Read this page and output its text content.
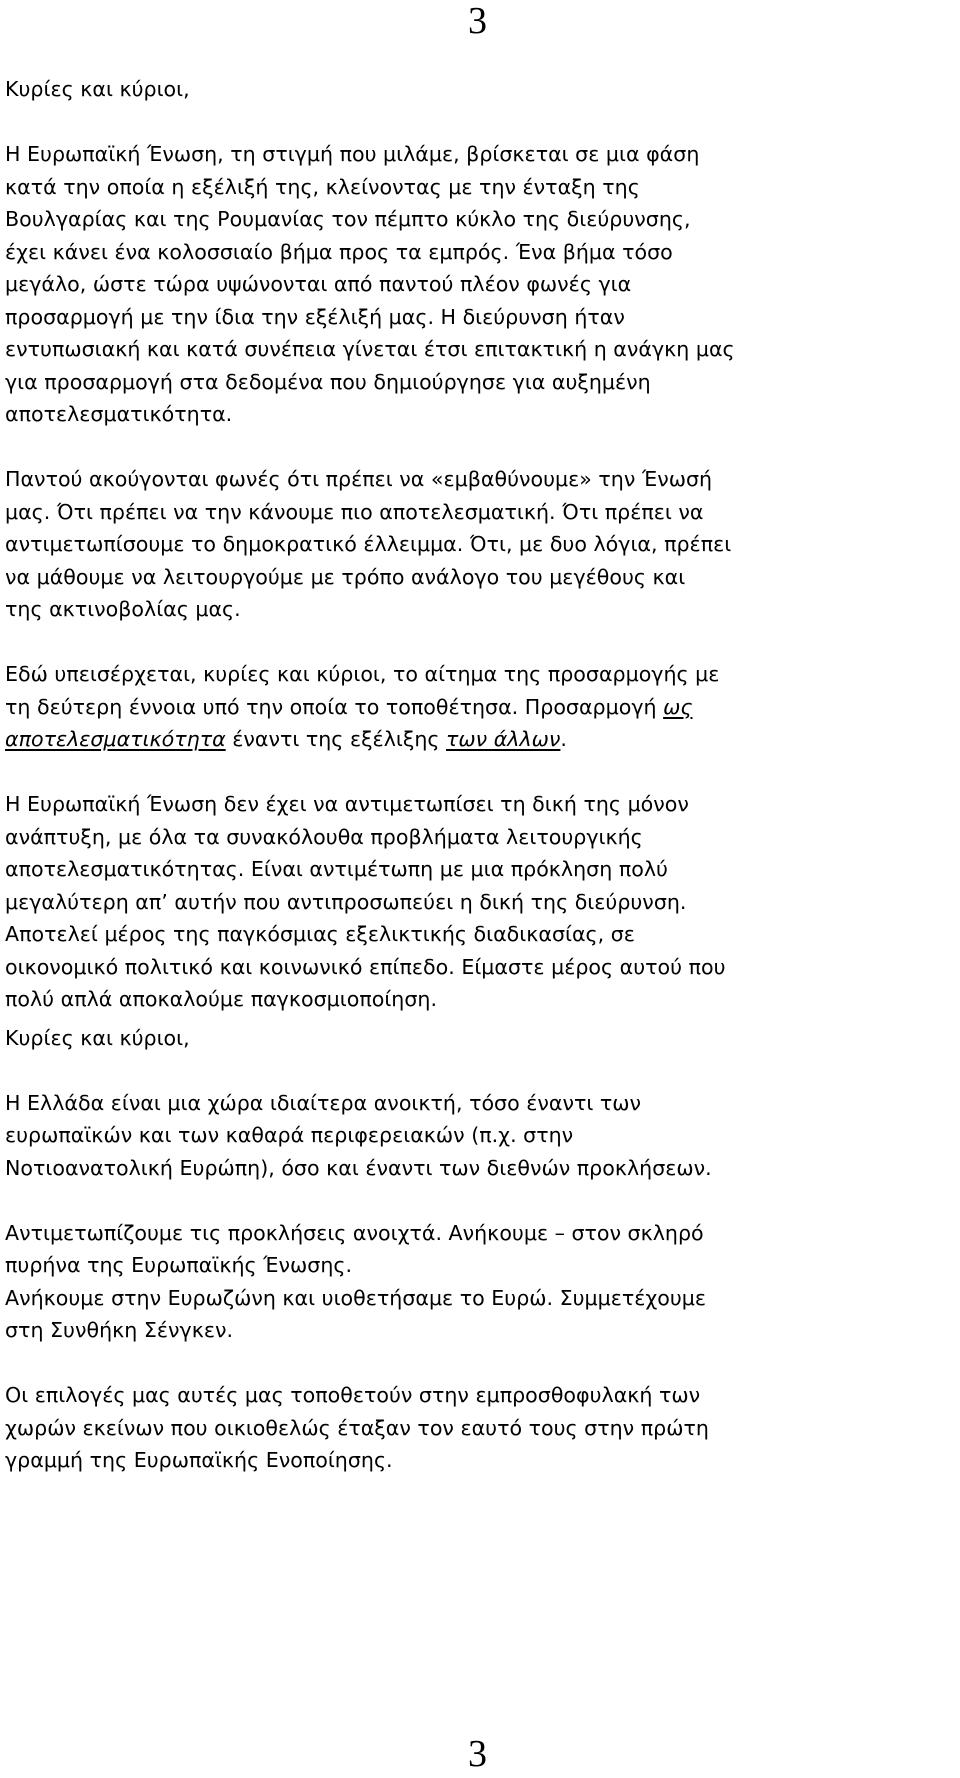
3

Κυρίες και κύριοι,

Η Ευρωπαϊκή Ένωση, τη στιγμή που μιλάμε, βρίσκεται σε μια φάση
κατά την οποία η εξέλιξή της, κλείνοντας με την ένταξη της
Βουλγαρίας και της Ρουμανίας τον πέμπτο κύκλο της διεύρυνσης,
έχει κάνει ένα κολοσσιαίο βήμα προς τα εμπρός. Ένα βήμα τόσο
μεγάλο, ώστε τώρα υψώνονται από παντού πλέον φωνές για
προσαρμογή με την ίδια την εξέλιξή μας. Η διεύρυνση ήταν
εντυπωσιακή και κατά συνέπεια γίνεται έτσι επιτακτική η ανάγκη μας
για προσαρμογή στα δεδομένα που δημιούργησε για αυξημένη
αποτελεσματικότητα.

Παντού ακούγονται φωνές ότι πρέπει να «εμβαθύνουμε» την Ένωσή
μας. Ότι πρέπει να την κάνουμε πιο αποτελεσματική. Ότι πρέπει να
αντιμετωπίσουμε το δημοκρατικό έλλειμμα. Ότι, με δυο λόγια, πρέπει
να μάθουμε να λειτουργούμε με τρόπο ανάλογο του μεγέθους και
της ακτινοβολίας μας.

Εδώ υπεισέρχεται, κυρίες και κύριοι, το αίτημα της προσαρμογής με
τη δεύτερη έννοια υπό την οποία το τοποθέτησα. Προσαρμογή ως
αποτελεσματικότητα έναντι της εξέλιξης των άλλων.

Η Ευρωπαϊκή Ένωση δεν έχει να αντιμετωπίσει τη δική της μόνον
ανάπτυξη, με όλα τα συνακόλουθα προβλήματα λειτουργικής
αποτελεσματικότητας. Είναι αντιμέτωπη με μια πρόκληση πολύ
μεγαλύτερη απ’ αυτήν που αντιπροσωπεύει η δική της διεύρυνση.
Αποτελεί μέρος της παγκόσμιας εξελικτικής διαδικασίας, σε
οικονομικό πολιτικό και κοινωνικό επίπεδο. Είμαστε μέρος αυτού που
πολύ απλά αποκαλούμε παγκοσμιοποίηση.

Κυρίες και κύριοι,

Η Ελλάδα είναι μια χώρα ιδιαίτερα ανοικτή, τόσο έναντι των
ευρωπαϊκών και των καθαρά περιφερειακών (π.χ. στην
Νοτιοανατολική Ευρώπη), όσο και έναντι των διεθνών προκλήσεων.

Αντιμετωπίζουμε τις προκλήσεις ανοιχτά. Ανήκουμε – στον σκληρό
πυρήνα της Ευρωπαϊκής Ένωσης.
Ανήκουμε στην Ευρωζώνη και υιοθετήσαμε το Ευρώ. Συμμετέχουμε
στη Συνθήκη Σένγκεν.

Οι επιλογές μας αυτές μας τοποθετούν στην εμπροσθοφυλακή των
χωρών εκείνων που οικιοθελώς έταξαν τον εαυτό τους στην πρώτη
γραμμή της Ευρωπαϊκής Ενοποίησης.

3
